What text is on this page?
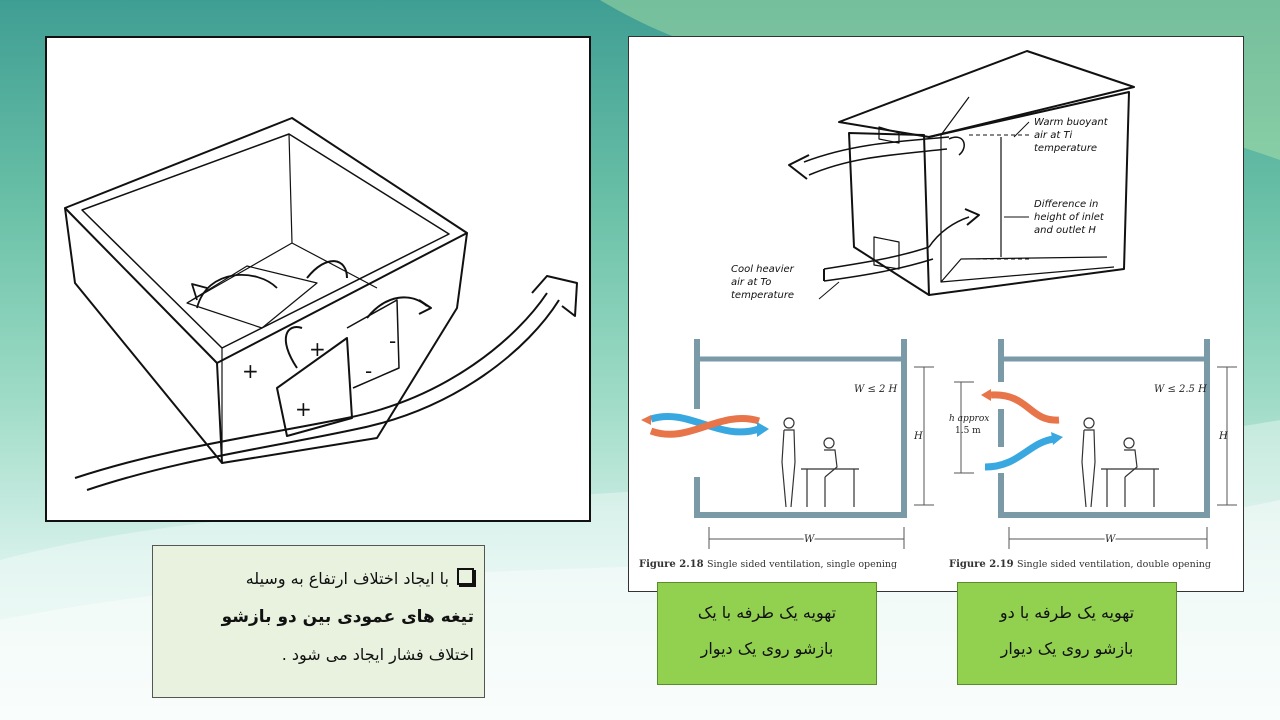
+
+
+
-
-
Warm buoyant
air at Ti
temperature
Difference in
height of inlet
and outlet H
Cool heavier
air at To
temperature
W ≤ 2 H
H
W
W ≤ 2.5 H
H
W
h approx
1.5 m
Figure 2.18 Single sided ventilation, single opening	Figure 2.19 Single sided ventilation, double opening
با ایجاد اختلاف ارتفاع به وسیله
تیغه های عمودی بین دو بازشو
اختلاف فشار ایجاد می شود .
تهویه یک طرفه با یک
بازشو روی یک دیوار
تهویه یک طرفه با دو
بازشو روی یک دیوار
